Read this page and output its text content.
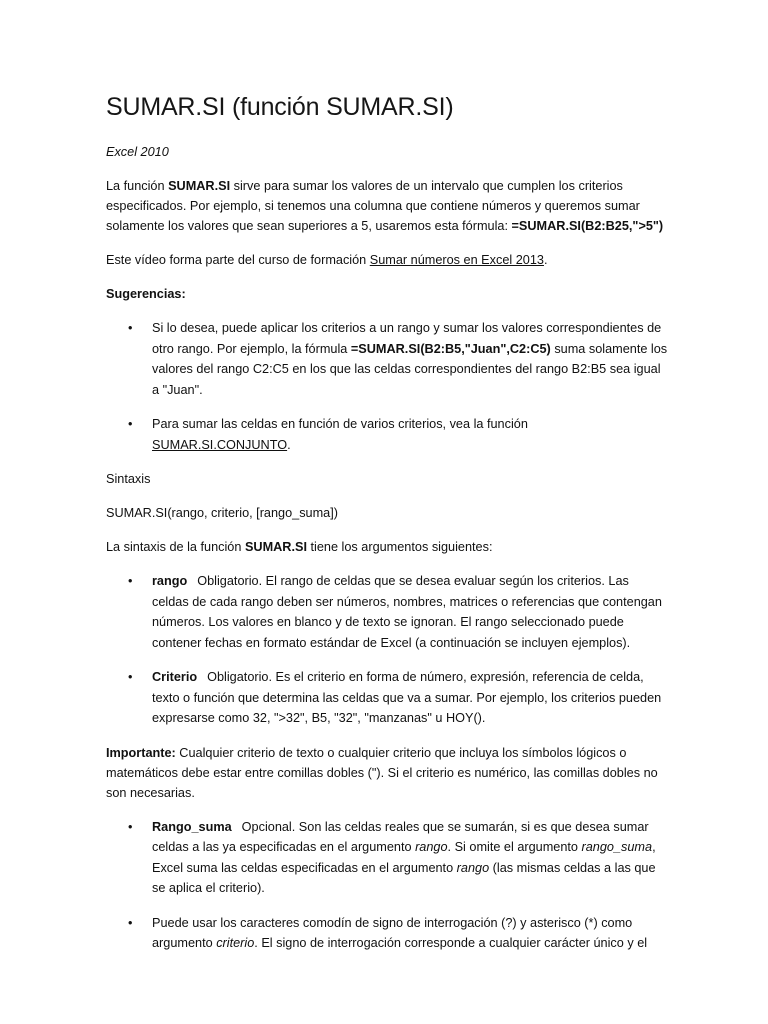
SUMAR.SI (función SUMAR.SI)

Excel 2010

La función SUMAR.SI sirve para sumar los valores de un intervalo que cumplen los criterios especificados. Por ejemplo, si tenemos una columna que contiene números y queremos sumar solamente los valores que sean superiores a 5, usaremos esta fórmula: =SUMAR.SI(B2:B25,">5")

Este vídeo forma parte del curso de formación Sumar números en Excel 2013.

Sugerencias:

• Si lo desea, puede aplicar los criterios a un rango y sumar los valores correspondientes de otro rango. Por ejemplo, la fórmula =SUMAR.SI(B2:B5,"Juan",C2:C5) suma solamente los valores del rango C2:C5 en los que las celdas correspondientes del rango B2:B5 sea igual a "Juan".
• Para sumar las celdas en función de varios criterios, vea la función SUMAR.SI.CONJUNTO.

Sintaxis

SUMAR.SI(rango, criterio, [rango_suma])

La sintaxis de la función SUMAR.SI tiene los argumentos siguientes:

• rango Obligatorio. El rango de celdas que se desea evaluar según los criterios. Las celdas de cada rango deben ser números, nombres, matrices o referencias que contengan números. Los valores en blanco y de texto se ignoran. El rango seleccionado puede contener fechas en formato estándar de Excel (a continuación se incluyen ejemplos).
• Criterio Obligatorio. Es el criterio en forma de número, expresión, referencia de celda, texto o función que determina las celdas que va a sumar. Por ejemplo, los criterios pueden expresarse como 32, ">32", B5, "32", "manzanas" u HOY().

Importante: Cualquier criterio de texto o cualquier criterio que incluya los símbolos lógicos o matemáticos debe estar entre comillas dobles ("). Si el criterio es numérico, las comillas dobles no son necesarias.

• Rango_suma Opcional. Son las celdas reales que se sumarán, si es que desea sumar celdas a las ya especificadas en el argumento rango. Si omite el argumento rango_suma, Excel suma las celdas especificadas en el argumento rango (las mismas celdas a las que se aplica el criterio).
• Puede usar los caracteres comodín de signo de interrogación (?) y asterisco (*) como argumento criterio. El signo de interrogación corresponde a cualquier carácter único y el
